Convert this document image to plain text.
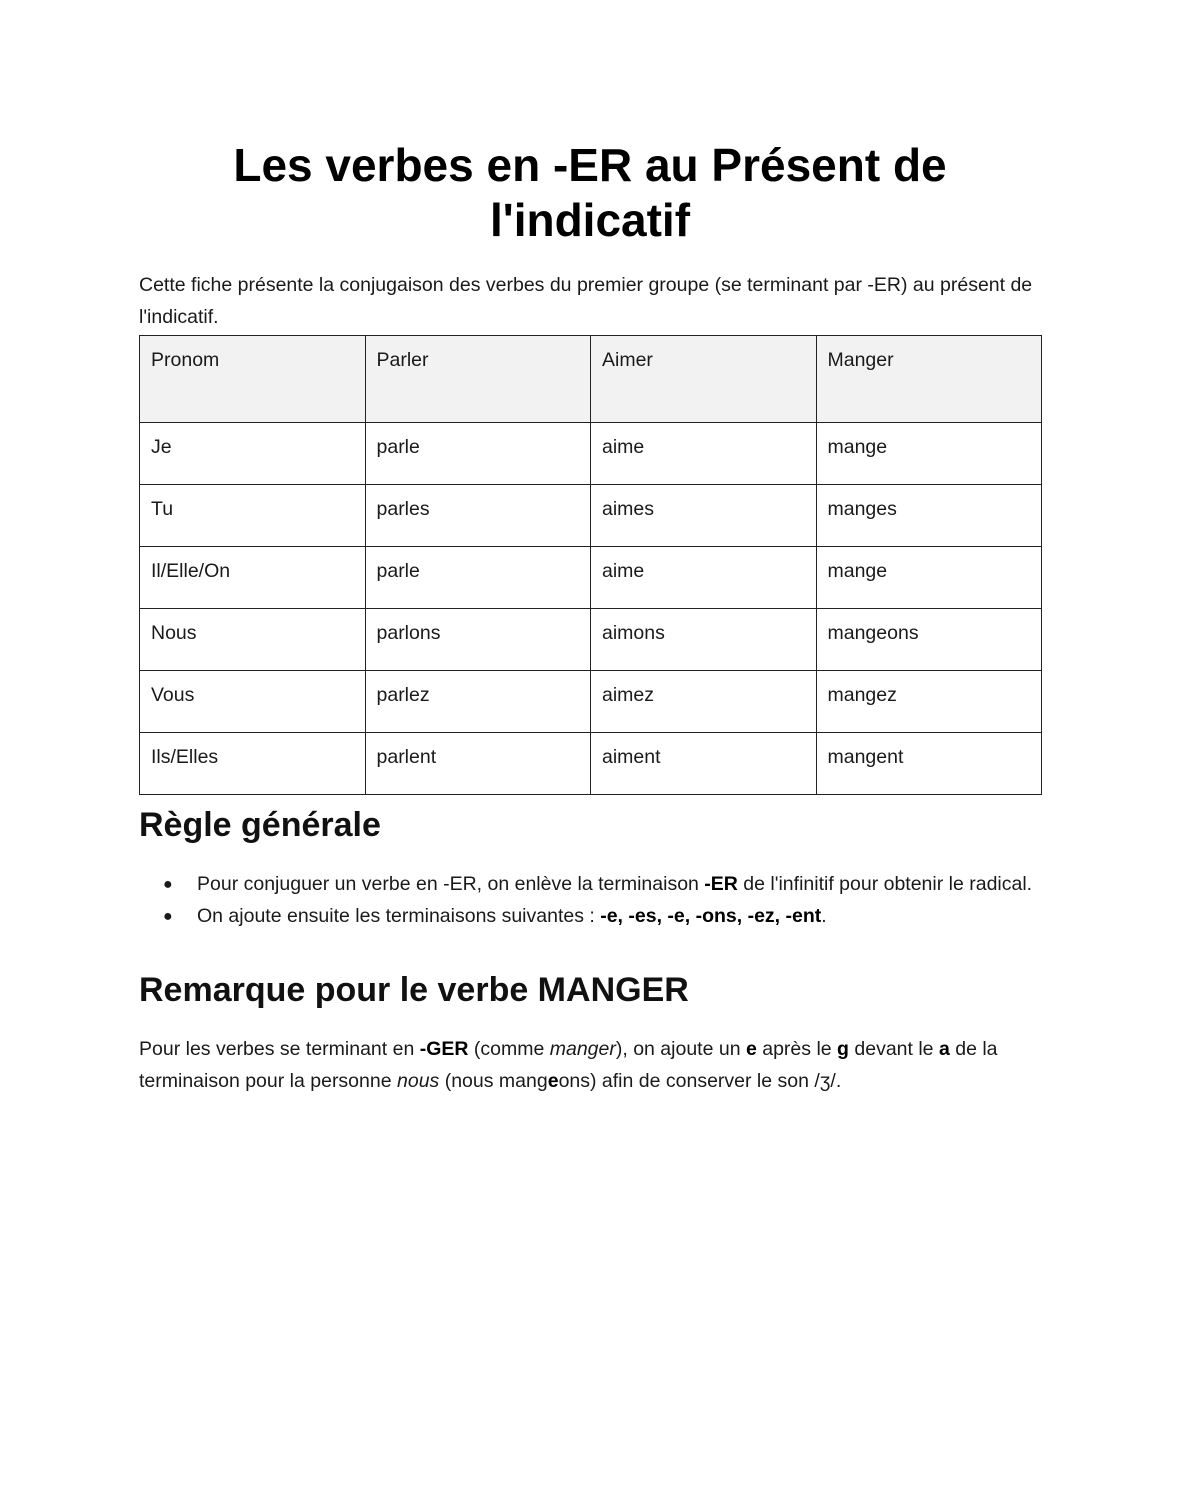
Les verbes en -ER au Présent de
l'indicatif

Cette fiche présente la conjugaison des verbes du premier groupe (se terminant par -ER) au présent de l'indicatif.

Pronom	Parler	Aimer	Manger
Je	parle	aime	mange
Tu	parles	aimes	manges
Il/Elle/On	parle	aime	mange
Nous	parlons	aimons	mangeons
Vous	parlez	aimez	mangez
Ils/Elles	parlent	aiment	mangent
Règle générale
● Pour conjuguer un verbe en -ER, on enlève la terminaison -ER de l'infinitif pour obtenir le radical.
● On ajoute ensuite les terminaisons suivantes : -e, -es, -e, -ons, -ez, -ent.
Remarque pour le verbe MANGER

Pour les verbes se terminant en -GER (comme manger), on ajoute un e après le g devant le a de la terminaison pour la personne nous (nous mangeons) afin de conserver le son /ʒ/.
